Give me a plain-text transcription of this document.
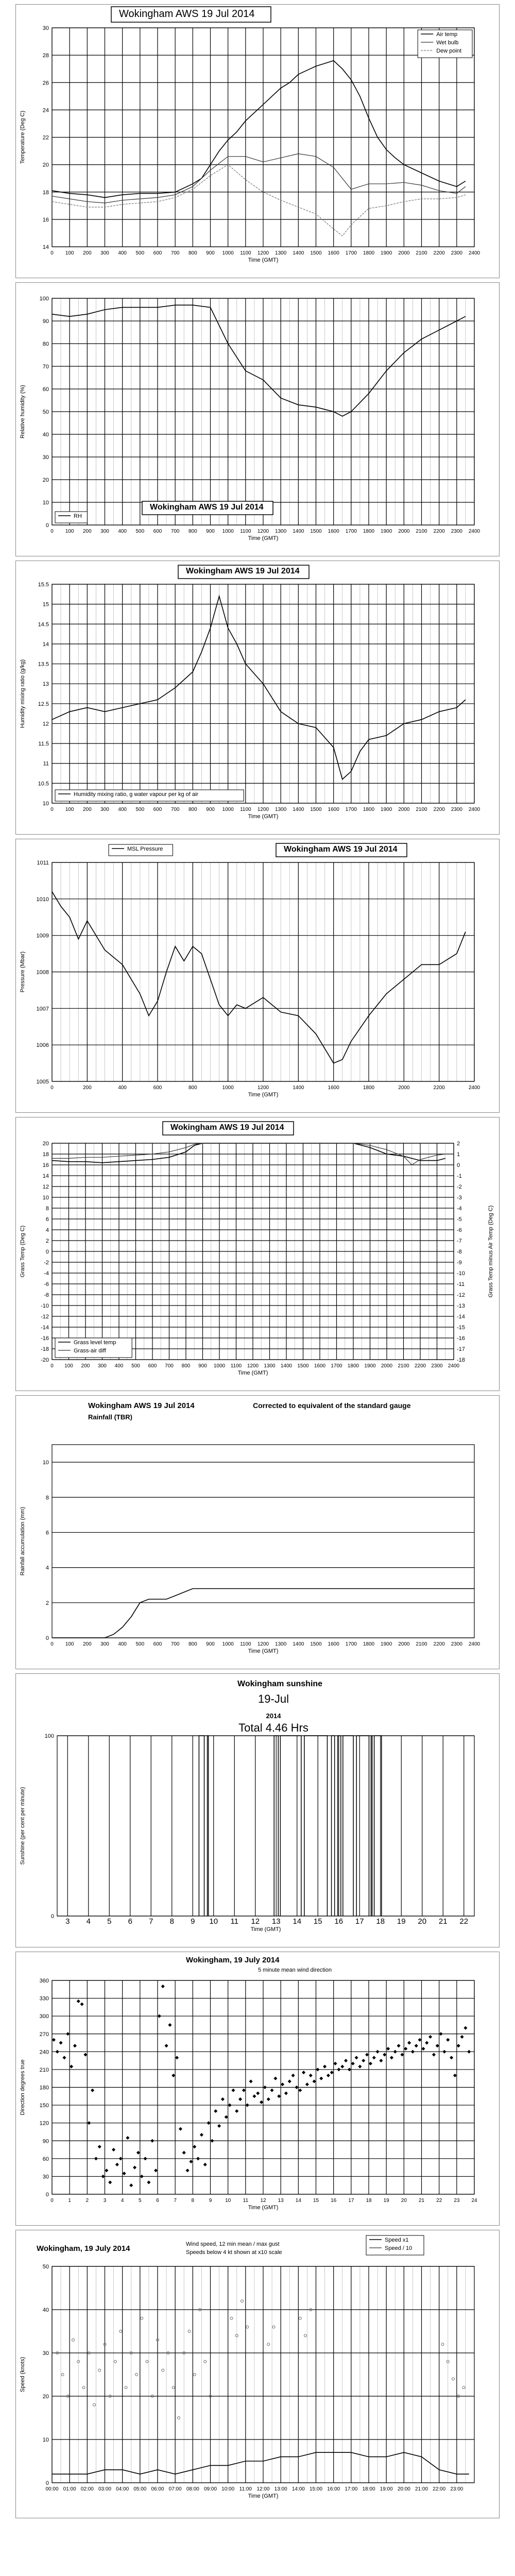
14
16
18
20
22
24
26
28
30
0 100 200 300 400 500 600 700 800 900 1000 1100 1200 1300 1400 1500 1600 1700 1800 1900 2000 2100 2200 2300 2400
Time (GMT)
Temperature (Deg C)
Wokingham AWS 19 Jul 2014
Air temp
Wet bulb
Dew point
0
10
20
30
40
50
60
70
80
90
100
0 100 200 300 400 500 600 700 800 900 1000 1100 1200 1300 1400 1500 1600 1700 1800 1900 2000 2100 2200 2300 2400
Time (GMT)
Relative humidity (%)
Wokingham AWS 19 Jul 2014
RH
10
10.5
11
11.5
12
12.5
13
13.5
14
14.5
15
15.5
0 100 200 300 400 500 600 700 800 900 1000 1100 1200 1300 1400 1500 1600 1700 1800 1900 2000 2100 2200 2300 2400
Time (GMT)
Humidity mixing ratio (g/kg)
Wokingham AWS 19 Jul 2014
Humidity mixing ratio, g water vapour per kg of air
1005
1006
1007
1008
1009
1010
1011
0	200	400	600	800	1000	1200	1400	1600	1800	2000	2200	2400
Time (GMT)
Pressure (Mbar)
Wokingham AWS 19 Jul 2014
MSL Pressure
-20
-18
-16
-14
-12
-10
-8
-6
-4
-2
0
2
4
6
8
10
12
14
16
18
20
-18
-17
-16
-15
-14
-13
-12
-11
-10
-9
-8
-7
-6
-5
-4
-3
-2
-1
0
1
2
0 100 200 300 400 500 600 700 800 900 1000 1100 1200 1300 1400 1500 1600 1700 1800 1900 2000 2100 2200 2300 2400
Time (GMT)
Grass Temp (Deg C)	Grass Temp minus Air Temp (Deg C)
Wokingham AWS 19 Jul 2014
Grass level temp
Grass-air diff
0
2
4
6
8
10
0 100 200 300 400 500 600 700 800 900 1000 1100 1200 1300 1400 1500 1600 1700 1800 1900 2000 2100 2200 2300 2400
Time (GMT)
Rainfall accumulation (mm)
Wokingham AWS 19 Jul 2014
Rainfall (TBR)
Corrected to equivalent of the standard gauge
0
100
3 4 5 6 7 8 9 10 11 12 13 14 15 16 17 18 19 20 21 22
Time (GMT)
Sunshine (per cent per minute)
Wokingham sunshine
19-Jul
2014
Total 4.46 Hrs
0
30
60
90
120
150
180
210
240
270
300
330
360
0	1	2	3	4	5	6	7	8	9	10 11 12 13 14 15 16 17 18 19 20 21 22 23 24
Time (GMT)
Direction degrees true
Wokingham, 19 July 2014
5 minute mean wind direction
0
10
20
30
40
50
00:00 01:00 02:00 03:00 04:00 05:00 06:00 07:00 08:00 09:00 10:00 11:00 12:00 13:00 14:00 15:00 16:00 17:00 18:00 19:00 20:00 21:00 22:00 23:00
Time (GMT)
Speed (knots)
Wokingham, 19 July 2014	Wind speed, 12 min mean / max gust
Speeds below 4 kt shown at x10 scale
Speed x1
Speed / 10
